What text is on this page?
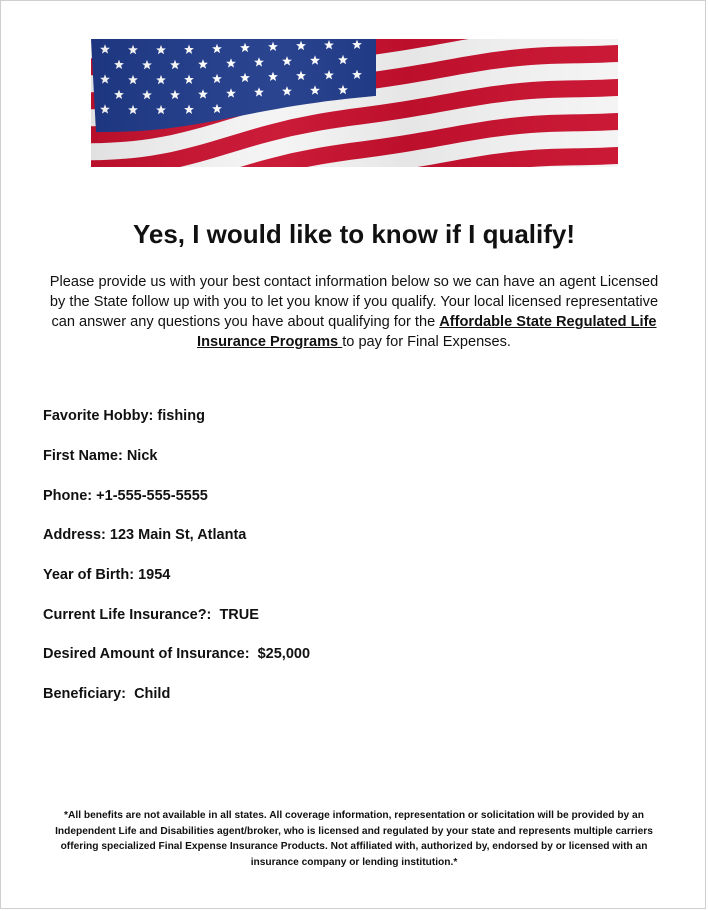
Yes, I would like to know if I qualify!
Please provide us with your best contact information below so we can have an agent Licensed by the State follow up with you to let you know if you qualify. Your local licensed representative can answer any questions you have about qualifying for the Affordable State Regulated Life Insurance Programs to pay for Final Expenses.
Favorite Hobby: fishing
First Name: Nick
Phone: +1-555-555-5555
Address: 123 Main St, Atlanta
Year of Birth: 1954
Current Life Insurance?:  TRUE
Desired Amount of Insurance:  $25,000
Beneficiary:  Child
*All benefits are not available in all states. All coverage information, representation or solicitation will be provided by an Independent Life and Disabilities agent/broker, who is licensed and regulated by your state and represents multiple carriers offering specialized Final Expense Insurance Products. Not affiliated with, authorized by, endorsed by or licensed with an insurance company or lending institution.*
